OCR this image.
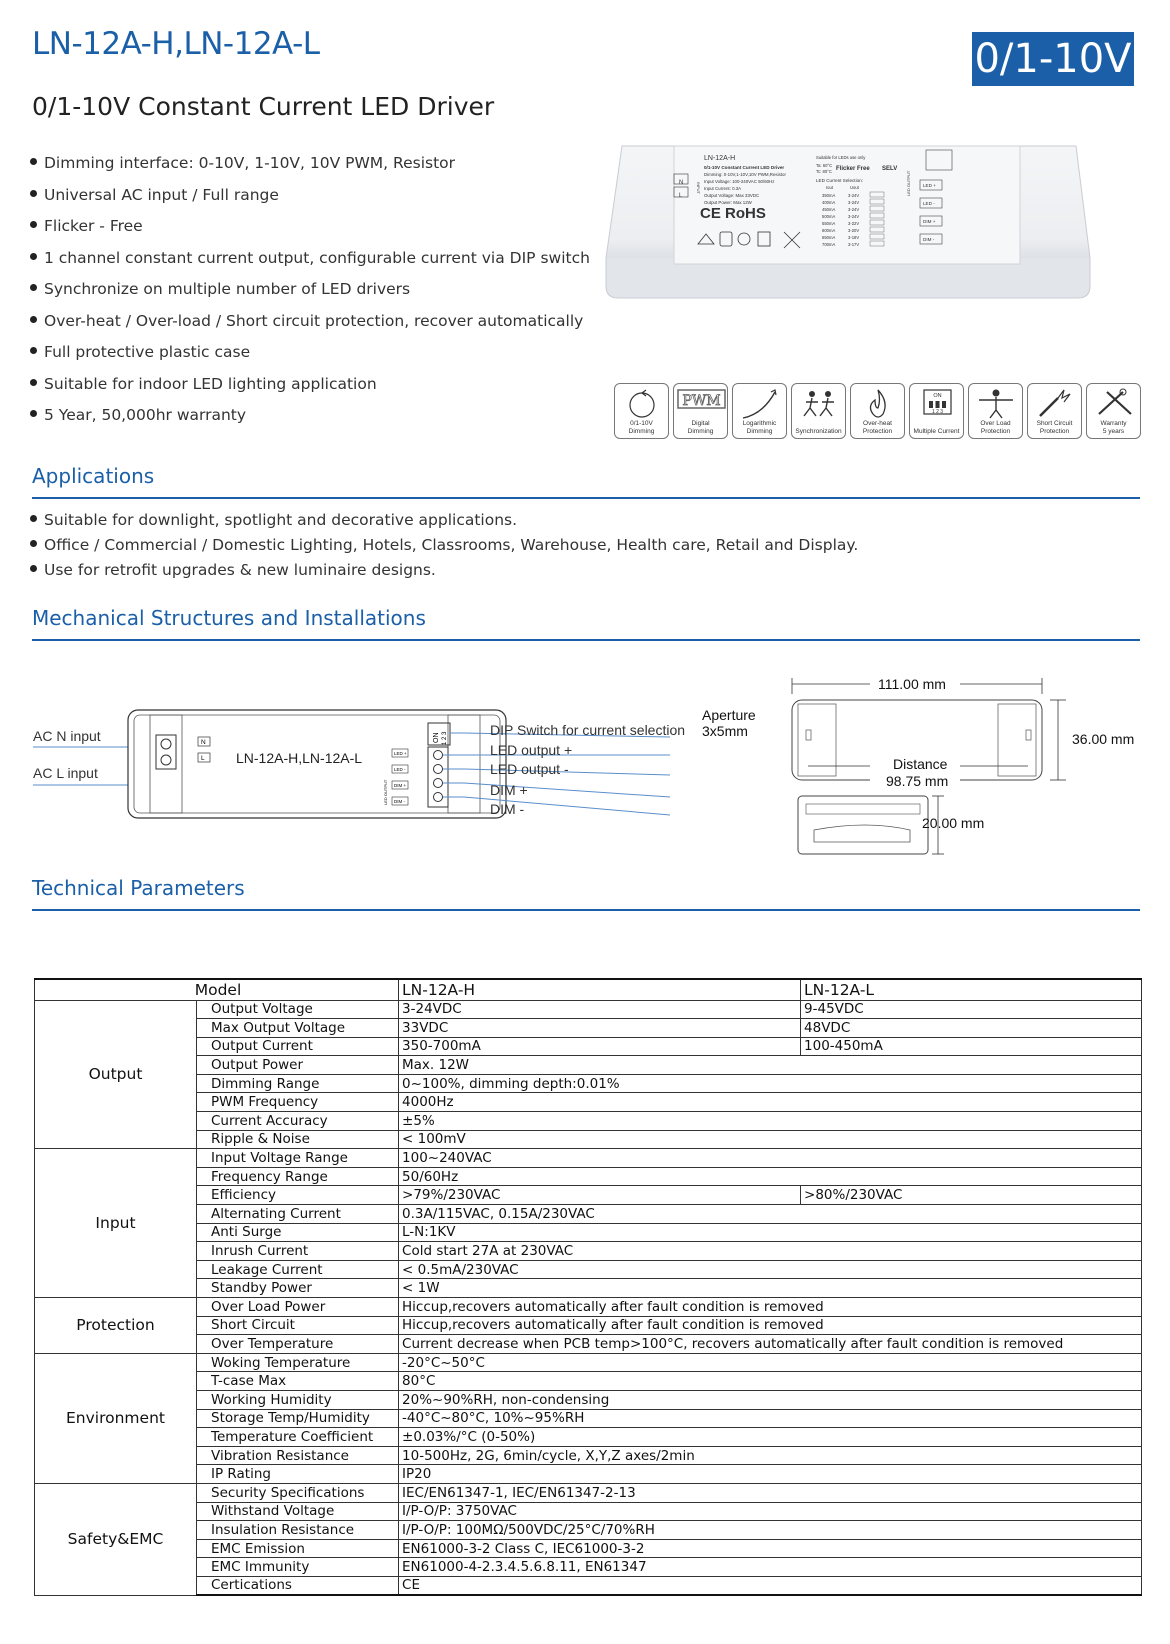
LN-12A-H,LN-12A-L	0/1-10V
0/1-10V Constant Current LED Driver
Dimming interface: 0-10V, 1-10V, 10V PWM, Resistor
Universal AC input / Full range
Flicker - Free
1 channel constant current output, configurable current via DIP switch
Synchronize on multiple number of LED drivers
Over-heat / Over-load / Short circuit protection, recover automatically
Full protective plastic case
Suitable for indoor LED lighting application
5 Year, 50,000hr warranty
LN-12A-H
0/1-10V Constant Current LED Driver
Dimming: 0-10V,1-10V,10V PWM,Resistor
Input Voltage: 100-240VAC 50/60Hz
Input Current: 0.3A
Output Voltage: Max 33VDC
Output Power: Max 12W
Suitable for LEDs use only
Ta: 60°C
Tc: 80°C Flicker Free SELV
LED Current Selection:
Iout	Uout
N
L
INPUT	LED OUTPUT
CE RoHS
350mA	3-24V
400mA	3-24V
450mA	3-24V
500mA	3-24V
550mA	3-22V
600mA	3-20V
650mA	3-18V
700mA	3-17V
LED +
LED -
DIM +
DIM -
0/1-10V
Dimming
PWM
Digital
Dimming
Logarithmic
Dimming	Synchronization
Over-heat
Protection
ON
1 2 3
Multiple Current
Over Load
Protection
Short Circuit
Protection
Warranty
5 years
Applications
Suitable for downlight, spotlight and decorative applications.
Office / Commercial / Domestic Lighting, Hotels, Classrooms, Warehouse, Health care, Retail and Display.
Use for retrofit upgrades & new luminaire designs.
Mechanical Structures and Installations
AC N input
AC L input
N
L LN-12A-H,LN-12A-L
ON 1 2 3
LED +
LED -
DIM +
DIM -
LED OUTPUT
DIP Switch for current selection
LED output +
LED output -
DIM +
DIM -
111.00 mm
Aperture
3x5mm
Distance
98.75 mm
36.00 mm
20.00 mm
Technical Parameters
Model		LN-12A-H	LN-12A-L
Output	Output Voltage	3-24VDC	9-45VDC
	Max Output Voltage	33VDC	48VDC
	Output Current	350-700mA	100-450mA
	Output Power	Max. 12W	
	Dimming Range	0~100%, dimming depth:0.01%	
	PWM Frequency	4000Hz	
	Current Accuracy	±5%	
	Ripple & Noise	< 100mV	
Input	Input Voltage Range	100~240VAC	
	Frequency Range	50/60Hz	
	Efficiency	>79%/230VAC	>80%/230VAC
	Alternating Current	0.3A/115VAC, 0.15A/230VAC	
	Anti Surge	L-N:1KV	
	Inrush Current	Cold start 27A at 230VAC	
	Leakage Current	< 0.5mA/230VAC	
	Standby Power	< 1W	
Protection	Over Load Power	Hiccup,recovers automatically after fault condition is removed	
	Short Circuit	Hiccup,recovers automatically after fault condition is removed	
	Over Temperature	Current decrease when PCB temp>100°C, recovers automatically after fault condition is removed	
Environment	Woking Temperature	-20°C~50°C	
	T-case Max	80°C	
	Working Humidity	20%~90%RH, non-condensing	
	Storage Temp/Humidity	-40°C~80°C, 10%~95%RH	
	Temperature Coefficient	±0.03%/°C (0-50%)	
	Vibration Resistance	10-500Hz, 2G, 6min/cycle, X,Y,Z axes/2min	
	IP Rating	IP20	
Safety&EMC	Security Specifications	IEC/EN61347-1, IEC/EN61347-2-13	
	Withstand Voltage	I/P-O/P: 3750VAC	
	Insulation Resistance	I/P-O/P: 100MΩ/500VDC/25°C/70%RH	
	EMC Emission	EN61000-3-2 Class C, IEC61000-3-2	
	EMC Immunity	EN61000-4-2.3.4.5.6.8.11, EN61347	
	Certications	CE	
